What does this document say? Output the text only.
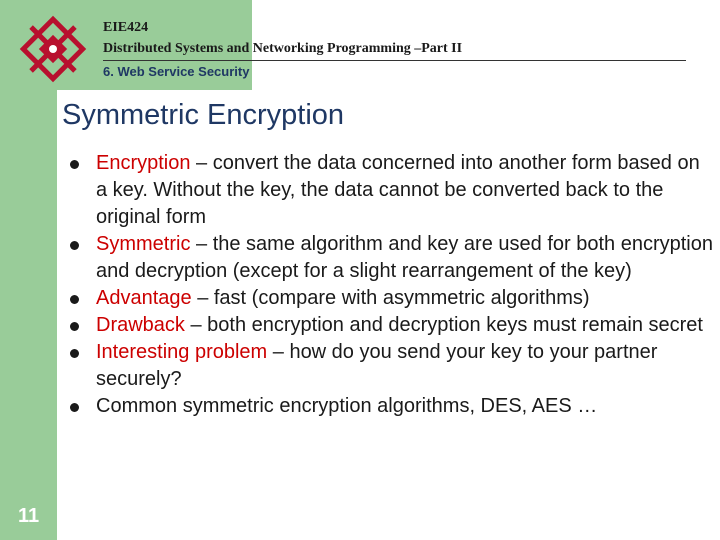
EIE424
Distributed Systems and Networking Programming –Part II
6. Web Service Security
Symmetric Encryption
Encryption – convert the data concerned into another form based on a key. Without the key, the data cannot be converted back to the original form
Symmetric – the same algorithm and key are used for both encryption and decryption (except for a slight rearrangement of the key)
Advantage – fast (compare with asymmetric algorithms)
Drawback – both encryption and decryption keys must remain secret
Interesting problem – how do you send your key to your partner securely?
Common symmetric encryption algorithms, DES, AES …
11
